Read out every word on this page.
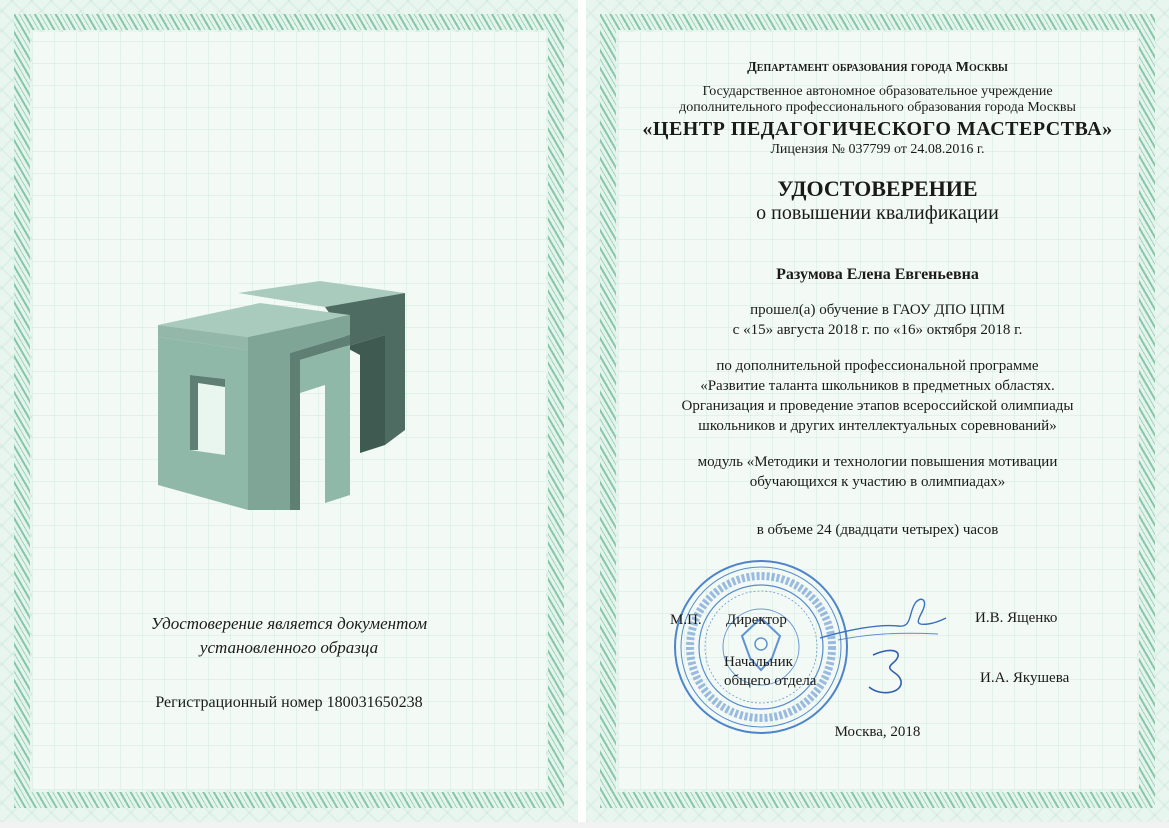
Удостоверение является документом
установленного образца
Регистрационный номер 180031650238
Департамент образования города Москвы
Государственное автономное образовательное учреждение
дополнительного профессионального образования города Москвы
«ЦЕНТР ПЕДАГОГИЧЕСКОГО МАСТЕРСТВА»
Лицензия № 037799 от 24.08.2016 г.
УДОСТОВЕРЕНИЕ
о повышении квалификации
Разумова Елена Евгеньевна
прошел(а) обучение в ГАОУ ДПО ЦПМ
с «15» августа 2018 г. по «16» октября 2018 г.
по дополнительной профессиональной программе
«Развитие таланта школьников в предметных областях.
Организация и проведение этапов всероссийской олимпиады
школьников и других интеллектуальных соревнований»
модуль «Методики и технологии повышения мотивации
обучающихся к участию в олимпиадах»
в объеме 24 (двадцати четырех) часов
М.П. Директор	И.В. Ященко
Начальник
общего отдела	И.А. Якушева
Москва, 2018
